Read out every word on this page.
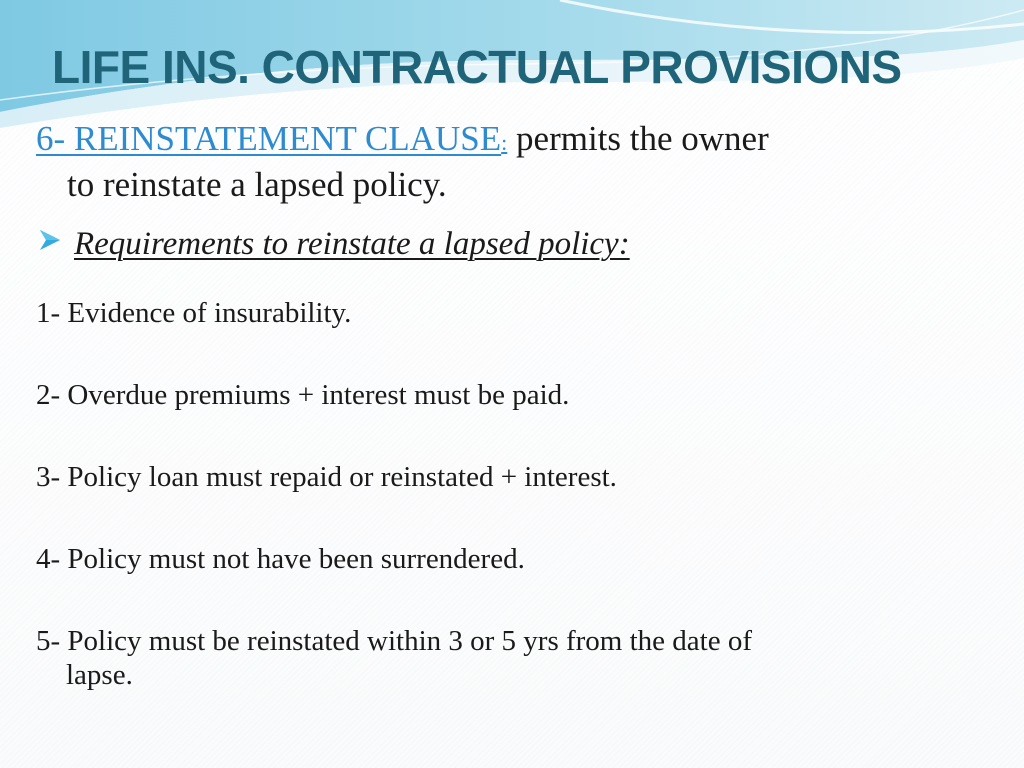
LIFE INS. CONTRACTUAL PROVISIONS
6- REINSTATEMENT CLAUSE: permits the owner
to reinstate a lapsed policy.
Requirements to reinstate a lapsed policy:
1- Evidence of insurability.
2- Overdue premiums + interest must be paid.
3- Policy loan must repaid or reinstated + interest.
4- Policy must not have been surrendered.
5- Policy must be reinstated within 3 or 5 yrs from the date of
lapse.
